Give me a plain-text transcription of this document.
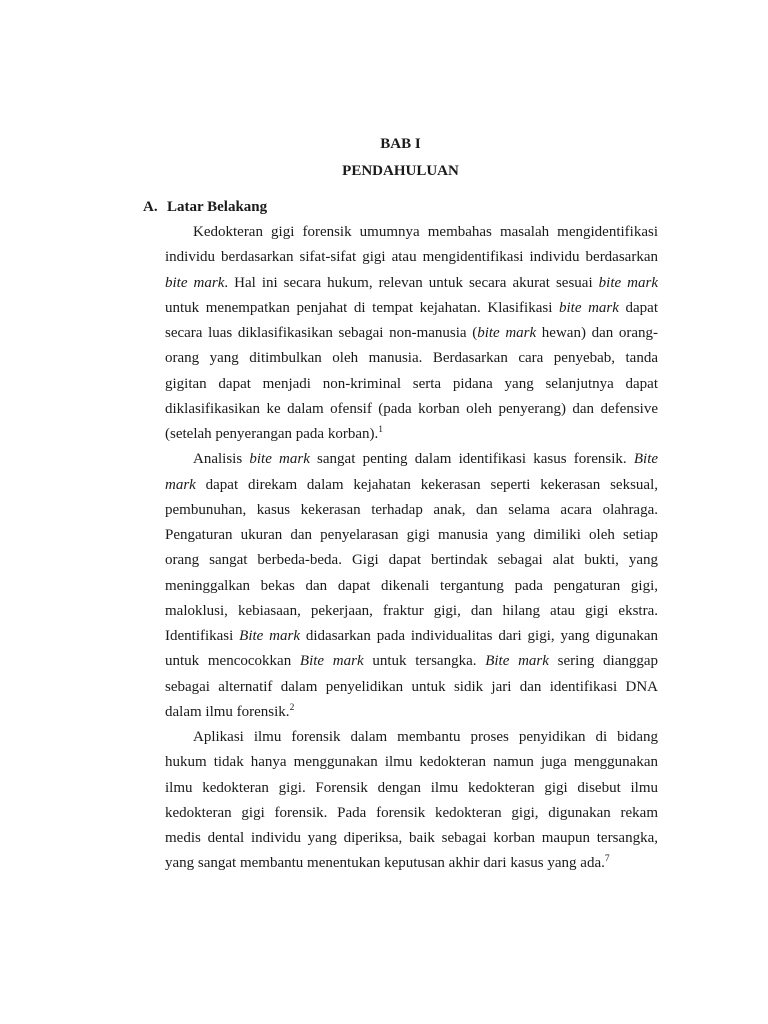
BAB I
PENDAHULUAN
A. Latar Belakang
Kedokteran gigi forensik umumnya membahas masalah mengidentifikasi
individu berdasarkan sifat-sifat gigi atau mengidentifikasi individu berdasarkan
bite mark. Hal ini secara hukum, relevan untuk secara akurat sesuai bite mark
untuk menempatkan penjahat di tempat kejahatan. Klasifikasi bite mark dapat
secara luas diklasifikasikan sebagai non-manusia (bite mark hewan) dan orang-
orang yang ditimbulkan oleh manusia. Berdasarkan cara penyebab, tanda
gigitan dapat menjadi non-kriminal serta pidana yang selanjutnya dapat
diklasifikasikan ke dalam ofensif (pada korban oleh penyerang) dan defensive
(setelah penyerangan pada korban).$^1$
Analisis bite mark sangat penting dalam identifikasi kasus forensik. Bite
mark dapat direkam dalam kejahatan kekerasan seperti kekerasan seksual,
pembunuhan, kasus kekerasan terhadap anak, dan selama acara olahraga.
Pengaturan ukuran dan penyelarasan gigi manusia yang dimiliki oleh setiap
orang sangat berbeda-beda. Gigi dapat bertindak sebagai alat bukti, yang
meninggalkan bekas dan dapat dikenali tergantung pada pengaturan gigi,
maloklusi, kebiasaan, pekerjaan, fraktur gigi, dan hilang atau gigi ekstra.
Identifikasi Bite mark didasarkan pada individualitas dari gigi, yang digunakan
untuk mencocokkan Bite mark untuk tersangka. Bite mark sering dianggap
sebagai alternatif dalam penyelidikan untuk sidik jari dan identifikasi DNA
dalam ilmu forensik.$^2$
Aplikasi ilmu forensik dalam membantu proses penyidikan di bidang
hukum tidak hanya menggunakan ilmu kedokteran namun juga menggunakan
ilmu kedokteran gigi. Forensik dengan ilmu kedokteran gigi disebut ilmu
kedokteran gigi forensik. Pada forensik kedokteran gigi, digunakan rekam
medis dental individu yang diperiksa, baik sebagai korban maupun tersangka,
yang sangat membantu menentukan keputusan akhir dari kasus yang ada.$^7$
